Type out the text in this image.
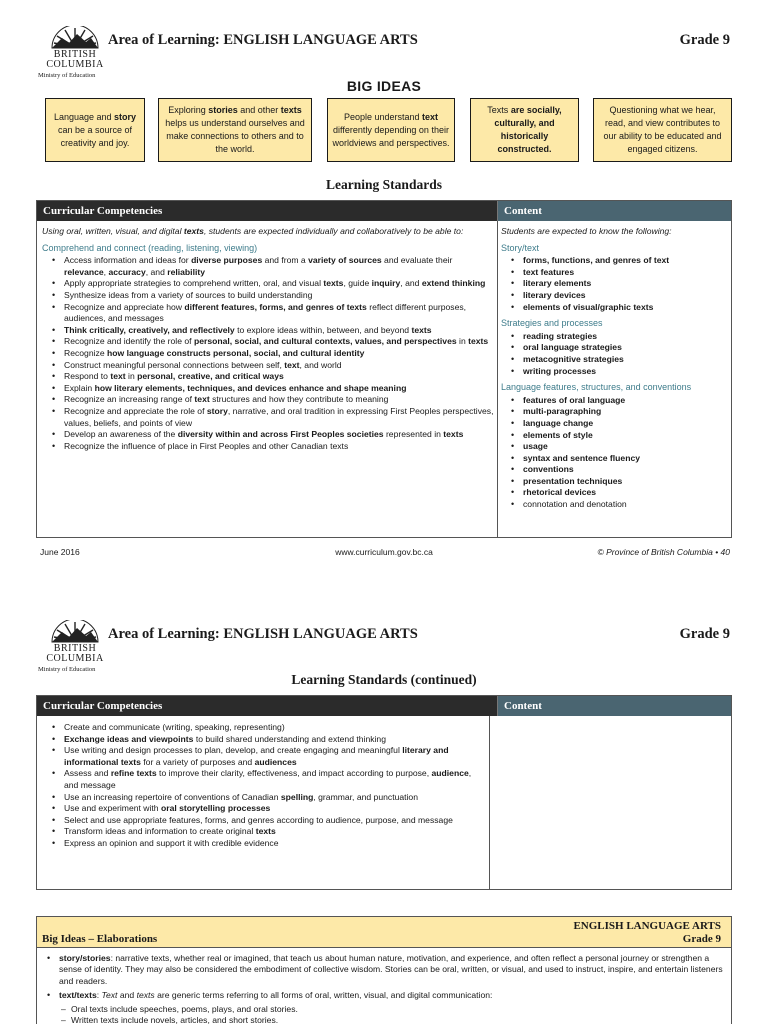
BRITISH
COLUMBIA
Ministry of Education
Area of Learning: ENGLISH LANGUAGE ARTS	Grade 9
BIG IDEAS
Language and story can be a source of creativity and joy.
Exploring stories and other texts helps us understand ourselves and make connections to others and to the world.
People understand text differently depending on their worldviews and perspectives.
Texts are socially, culturally, and historically constructed.
Questioning what we hear, read, and view contributes to our ability to be educated and engaged citizens.
Learning Standards
Curricular Competencies	Content

Using oral, written, visual, and digital texts, students are expected individually and collaboratively to be able to:

Comprehend and connect (reading, listening, viewing)
• Access information and ideas for diverse purposes and from a variety of sources and evaluate their relevance, accuracy, and reliability
• Apply appropriate strategies to comprehend written, oral, and visual texts, guide inquiry, and extend thinking
• Synthesize ideas from a variety of sources to build understanding
• Recognize and appreciate how different features, forms, and genres of texts reflect different purposes, audiences, and messages
• Think critically, creatively, and reflectively to explore ideas within, between, and beyond texts
• Recognize and identify the role of personal, social, and cultural contexts, values, and perspectives in texts
• Recognize how language constructs personal, social, and cultural identity
• Construct meaningful personal connections between self, text, and world
• Respond to text in personal, creative, and critical ways
• Explain how literary elements, techniques, and devices enhance and shape meaning
• Recognize an increasing range of text structures and how they contribute to meaning
• Recognize and appreciate the role of story, narrative, and oral tradition in expressing First Peoples perspectives, values, beliefs, and points of view
• Develop an awareness of the diversity within and across First Peoples societies represented in texts
• Recognize the influence of place in First Peoples and other Canadian texts

Students are expected to know the following:

Story/text
• forms, functions, and genres of text
• text features
• literary elements
• literary devices
• elements of visual/graphic texts
Strategies and processes
• reading strategies
• oral language strategies
• metacognitive strategies
• writing processes
Language features, structures, and conventions
• features of oral language
• multi-paragraphing
• language change
• elements of style
• usage
• syntax and sentence fluency
• conventions
• presentation techniques
• rhetorical devices
• connotation and denotation
June 2016	www.curriculum.gov.bc.ca	© Province of British Columbia • 40
BRITISH
COLUMBIA
Ministry of Education
Area of Learning: ENGLISH LANGUAGE ARTS	Grade 9
Learning Standards (continued)
Curricular Competencies	Content
• Create and communicate (writing, speaking, representing)
• Exchange ideas and viewpoints to build shared understanding and extend thinking
• Use writing and design processes to plan, develop, and create engaging and meaningful literary and informational texts for a variety of purposes and audiences
• Assess and refine texts to improve their clarity, effectiveness, and impact according to purpose, audience, and message
• Use an increasing repertoire of conventions of Canadian spelling, grammar, and punctuation
• Use and experiment with oral storytelling processes
• Select and use appropriate features, forms, and genres according to audience, purpose, and message
• Transform ideas and information to create original texts
• Express an opinion and support it with credible evidence
Big Ideas – Elaborations
ENGLISH LANGUAGE ARTS
Grade 9
• story/stories: narrative texts, whether real or imagined, that teach us about human nature, motivation, and experience, and often reflect a personal journey or strengthen a sense of identity. They may also be considered the embodiment of collective wisdom. Stories can be oral, written, or visual, and used to instruct, inspire, and entertain listeners and readers.
• text/texts: Text and texts are generic terms referring to all forms of oral, written, visual, and digital communication:
– Oral texts include speeches, poems, plays, and oral stories.
– Written texts include novels, articles, and short stories.
